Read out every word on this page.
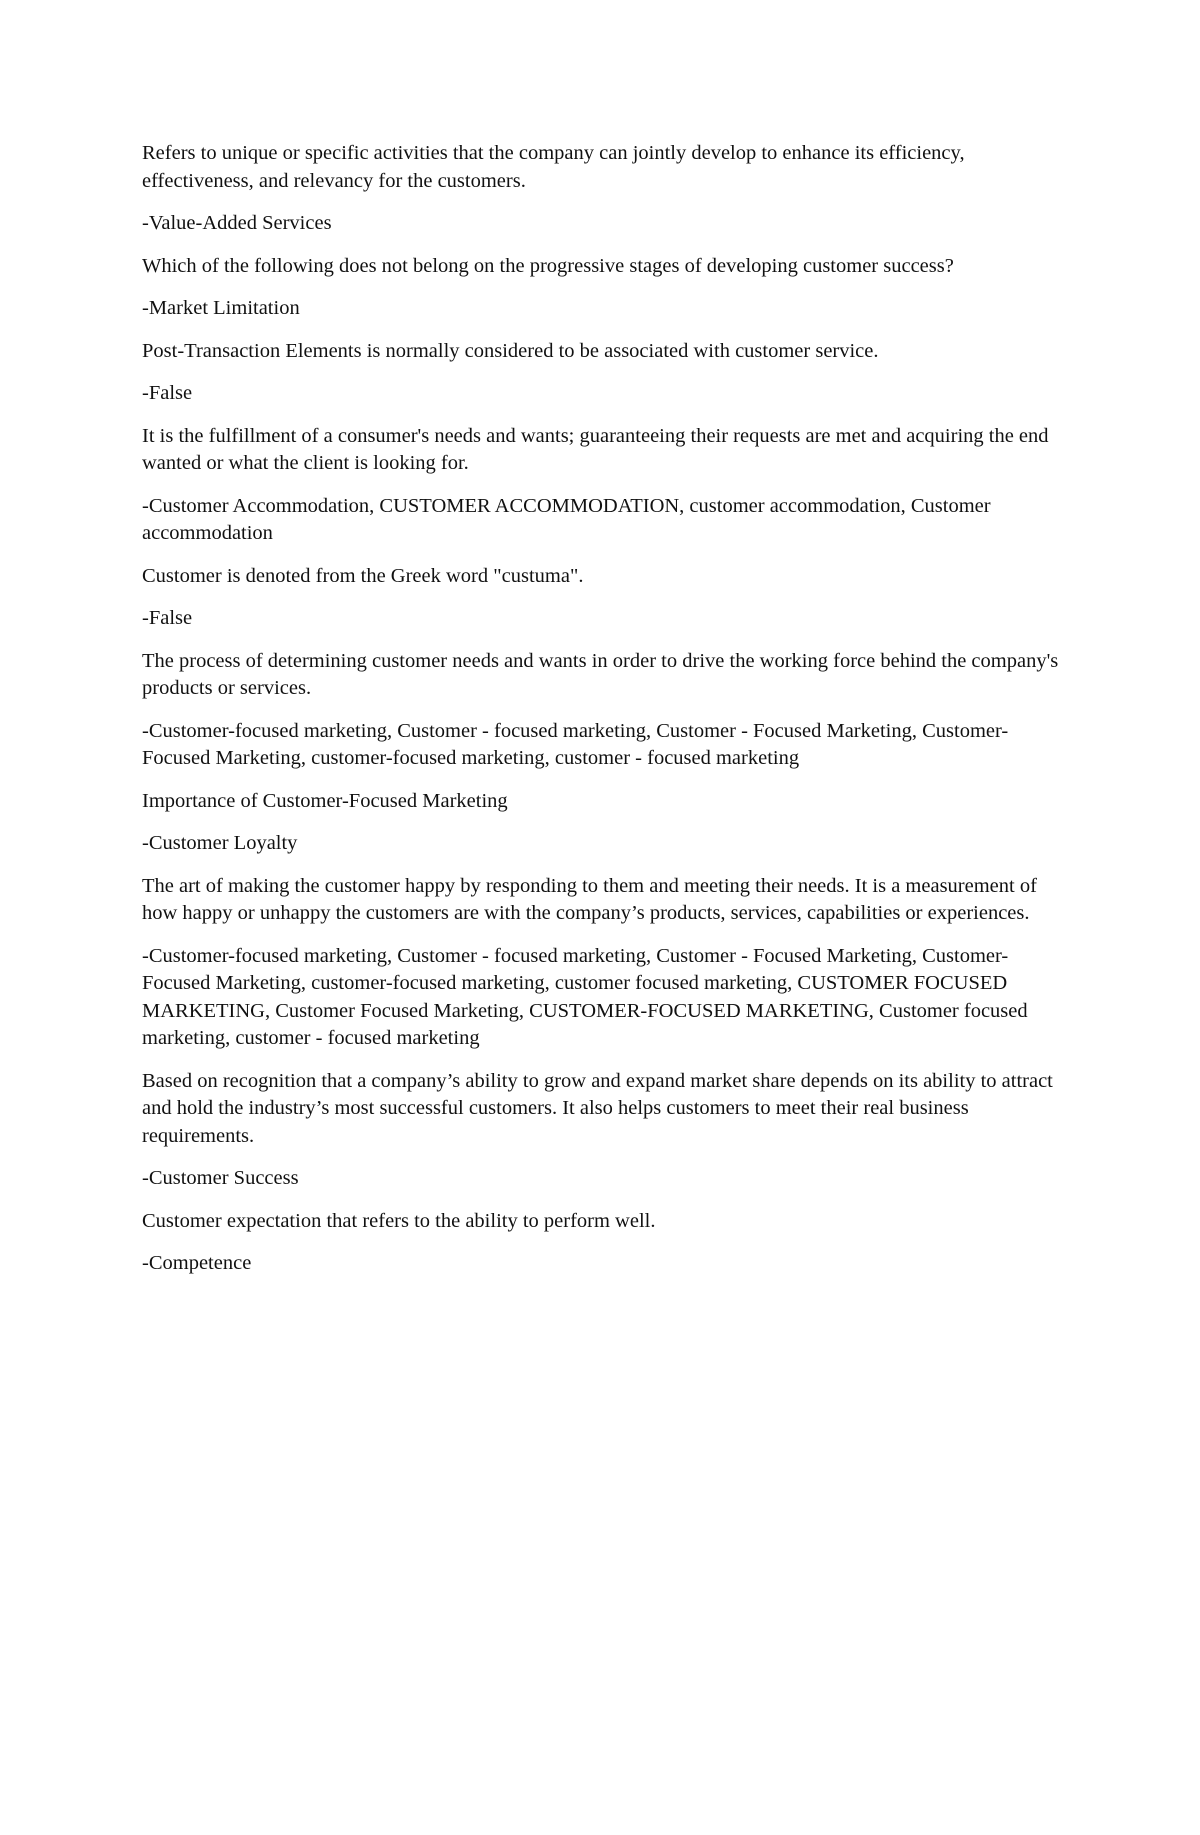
Refers to unique or specific activities that the company can jointly develop to enhance its efficiency, effectiveness, and relevancy for the customers.

-Value-Added Services

Which of the following does not belong on the progressive stages of developing customer success?

-Market Limitation

Post-Transaction Elements is normally considered to be associated with customer service.

-False

It is the fulfillment of a consumer's needs and wants; guaranteeing their requests are met and acquiring the end wanted or what the client is looking for.

-Customer Accommodation, CUSTOMER ACCOMMODATION, customer accommodation, Customer accommodation

Customer is denoted from the Greek word "custuma".

-False

The process of determining customer needs and wants in order to drive the working force behind the company's products or services.

-Customer-focused marketing, Customer - focused marketing, Customer - Focused Marketing, Customer-Focused Marketing, customer-focused marketing, customer - focused marketing

Importance of Customer-Focused Marketing

-Customer Loyalty

The art of making the customer happy by responding to them and meeting their needs. It is a measurement of how happy or unhappy the customers are with the company’s products, services, capabilities or experiences.

-Customer-focused marketing, Customer - focused marketing, Customer - Focused Marketing, Customer-Focused Marketing, customer-focused marketing, customer focused marketing, CUSTOMER FOCUSED MARKETING, Customer Focused Marketing, CUSTOMER-FOCUSED MARKETING, Customer focused marketing, customer - focused marketing

Based on recognition that a company’s ability to grow and expand market share depends on its ability to attract and hold the industry’s most successful customers. It also helps customers to meet their real business requirements.

-Customer Success

Customer expectation that refers to the ability to perform well.

-Competence
